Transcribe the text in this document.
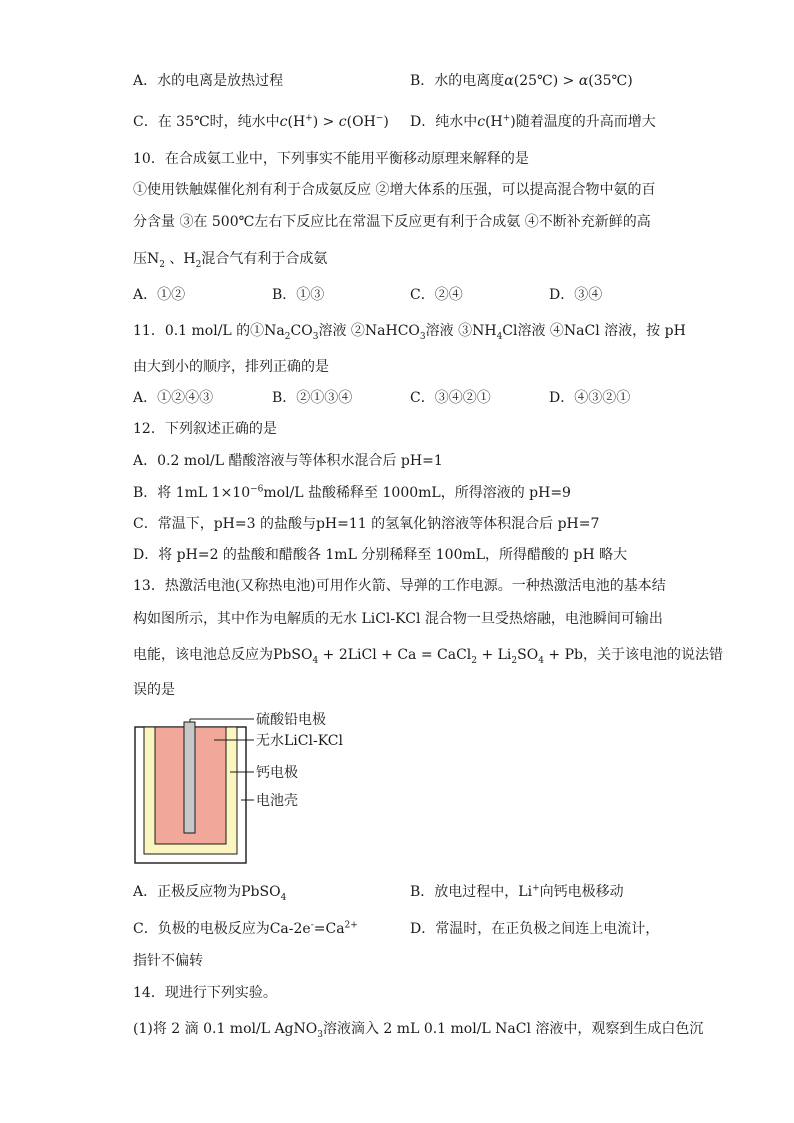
A．水的电离是放热过程	B．水的电离度α(25℃) > α(35℃)
C．在 35℃时，纯水中c(H+) > c(OH−) D．纯水中c(H+)随着温度的升高而增大
10．在合成氨工业中，下列事实不能用平衡移动原理来解释的是
①使用铁触媒催化剂有利于合成氨反应 ②增大体系的压强，可以提高混合物中氨的百
分含量 ③在 500℃左右下反应比在常温下反应更有利于合成氨 ④不断补充新鲜的高
压$N_2$ 、$H_2$混合气有利于合成氨
A．①②	B．①③	C．②④	D．③④
11．0.1 mol/L 的$①Na_2CO_3$溶液 ②NaHCO$_3$溶液 $③NH_4Cl$溶液 ④NaCl 溶液，按 pH
由大到小的顺序，排列正确的是
A．①②④③	B．②①③④	C．③④②①	D．④③②①
12．下列叙述正确的是
A．0.2 mol/L 醋酸溶液与等体积水混合后 pH=1
B．将 1mL $1\times 10^{-6}mol/L$ 盐酸稀释至 1000mL，所得溶液的 pH=9
C．常温下，pH=3 的盐酸与pH=11 的氢氧化钠溶液等体积混合后 pH=7
D．将 pH=2 的盐酸和醋酸各 1mL 分别稀释至 100mL，所得醋酸的 pH 略大
13．热激活电池(又称热电池)可用作火箭、导弹的工作电源。一种热激活电池的基本结
构如图所示，其中作为电解质的无水 LiCl-KCl 混合物一旦受热熔融，电池瞬间可输出
电能，该电池总反应为PbSO$_4$ + 2LiCl + Ca = CaCl$_2$ + $Li_2SO_4 + Pb$，关于该电池的说法错
误的是
硫酸铅电极
无水LiCl-KCl
钙电极
电池壳
A．正极反应物为PbSO$_4$	B．放电过程中，Li+向钙电极移动
C．负极的电极反应为$Ca-2e^-=Ca^{2+}$	D．常温时，在正负极之间连上电流计，
指针不偏转
14．现进行下列实验。
(1)将 2 滴 0.1 mol/L AgNO$_3$溶液滴入 2 mL 0.1 mol/L NaCl 溶液中，观察到生成白色沉
